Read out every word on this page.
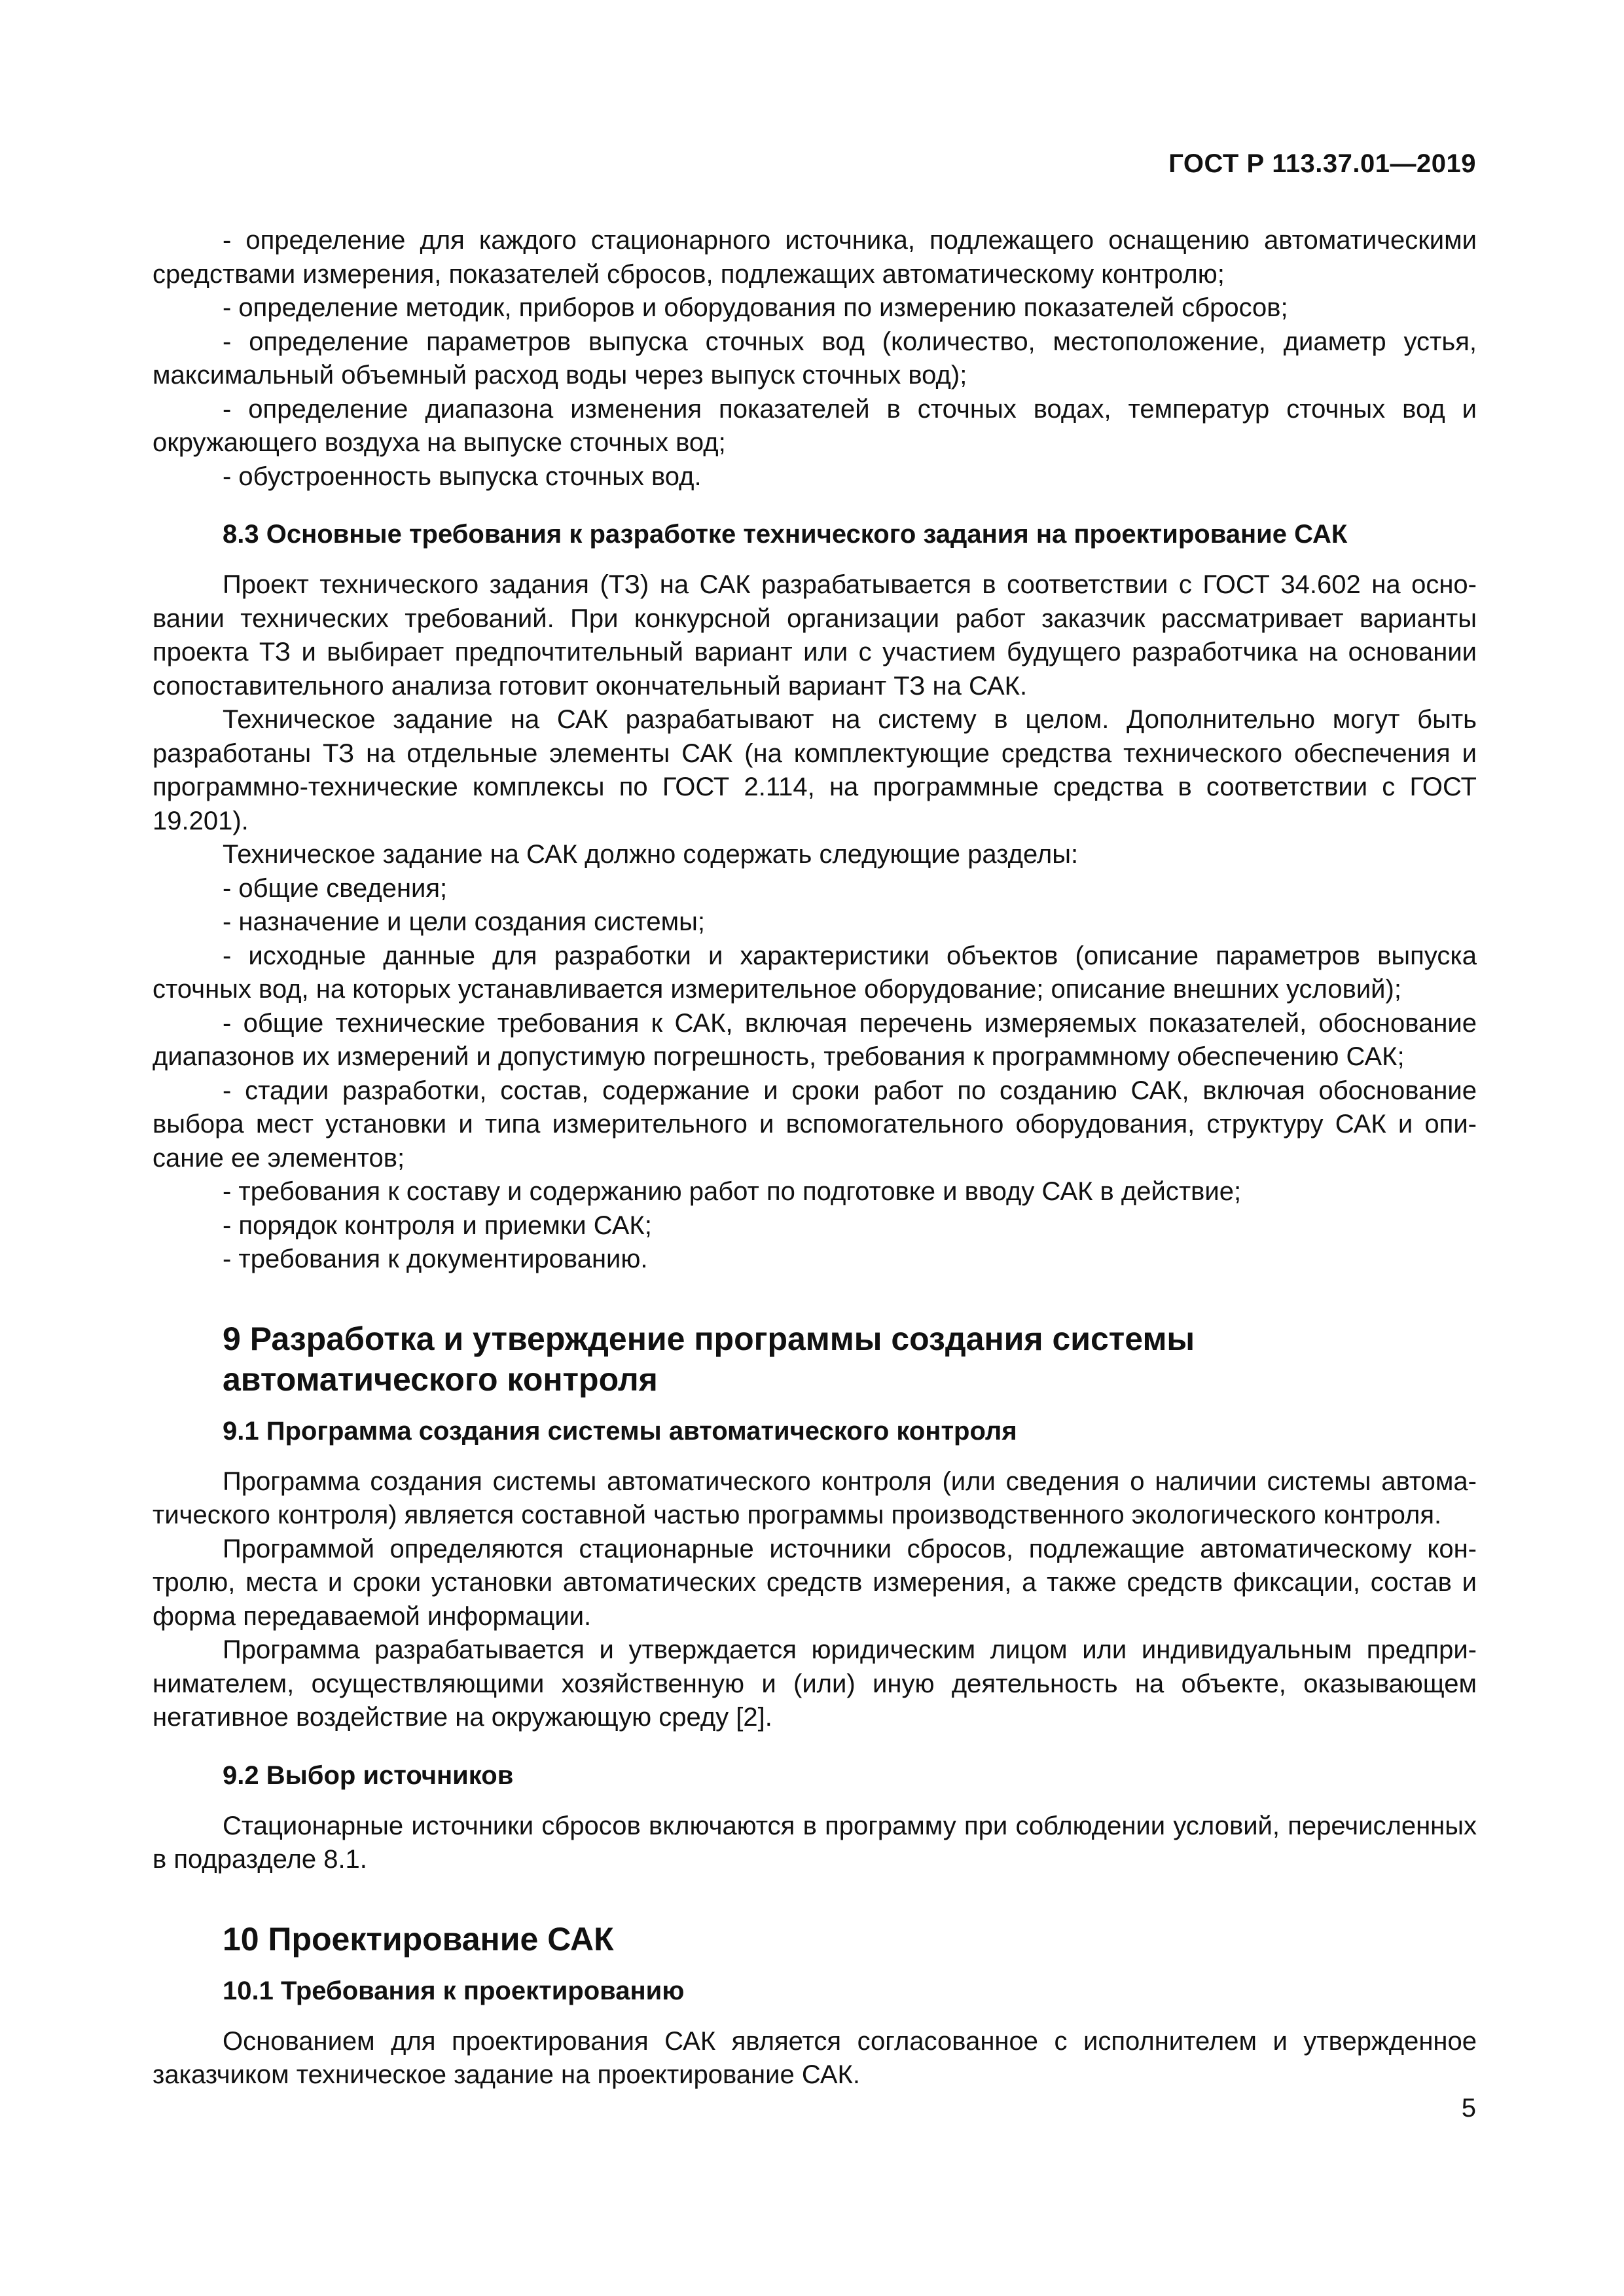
ГОСТ Р 113.37.01—2019

- определение для каждого стационарного источника, подлежащего оснащению автоматическими средствами измерения, показателей сбросов, подлежащих автоматическому контролю;

- определение методик, приборов и оборудования по измерению показателей сбросов;

- определение параметров выпуска сточных вод (количество, местоположение, диаметр устья, максимальный объемный расход воды через выпуск сточных вод);

- определение диапазона изменения показателей в сточных водах, температур сточных вод и окружающего воздуха на выпуске сточных вод;

- обустроенность выпуска сточных вод.

8.3 Основные требования к разработке технического задания на проектирование САК

Проект технического задания (ТЗ) на САК разрабатывается в соответствии с ГОСТ 34.602 на основании технических требований. При конкурсной организации работ заказчик рассматривает варианты проекта ТЗ и выбирает предпочтительный вариант или с участием будущего разработчика на основании сопоставительного анализа готовит окончательный вариант ТЗ на САК.

Техническое задание на САК разрабатывают на систему в целом. Дополнительно могут быть разработаны ТЗ на отдельные элементы САК (на комплектующие средства технического обеспечения и программно-технические комплексы по ГОСТ 2.114, на программные средства в соответствии с ГОСТ 19.201).

Техническое задание на САК должно содержать следующие разделы:

- общие сведения;

- назначение и цели создания системы;

- исходные данные для разработки и характеристики объектов (описание параметров выпуска сточных вод, на которых устанавливается измерительное оборудование; описание внешних условий);

- общие технические требования к САК, включая перечень измеряемых показателей, обоснование диапазонов их измерений и допустимую погрешность, требования к программному обеспечению САК;

- стадии разработки, состав, содержание и сроки работ по созданию САК, включая обоснование выбора мест установки и типа измерительного и вспомогательного оборудования, структуру САК и описание ее элементов;

- требования к составу и содержанию работ по подготовке и вводу САК в действие;

- порядок контроля и приемки САК;

- требования к документированию.

9 Разработка и утверждение программы создания системы автоматического контроля
9.1 Программа создания системы автоматического контроля

Программа создания системы автоматического контроля (или сведения о наличии системы автоматического контроля) является составной частью программы производственного экологического контроля.

Программой определяются стационарные источники сбросов, подлежащие автоматическому контролю, места и сроки установки автоматических средств измерения, а также средств фиксации, состав и форма передаваемой информации.

Программа разрабатывается и утверждается юридическим лицом или индивидуальным предпринимателем, осуществляющими хозяйственную и (или) иную деятельность на объекте, оказывающем негативное воздействие на окружающую среду [2].

9.2 Выбор источников

Стационарные источники сбросов включаются в программу при соблюдении условий, перечисленных в подразделе 8.1.

10 Проектирование САК
10.1 Требования к проектированию

Основанием для проектирования САК является согласованное с исполнителем и утвержденное заказчиком техническое задание на проектирование САК.

5
